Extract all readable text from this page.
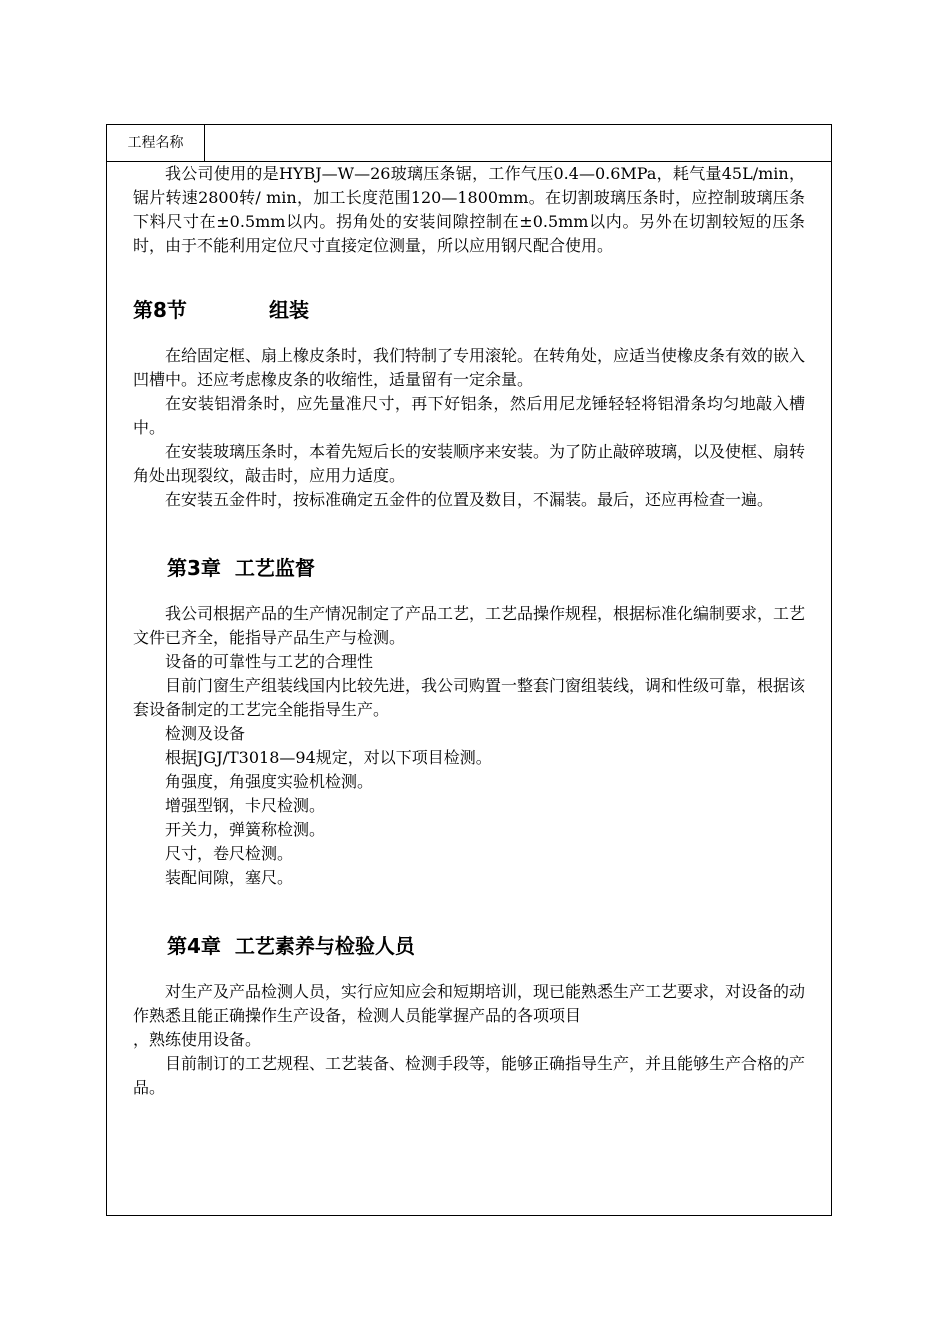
工程名称

我公司使用的是HYBJ—W—26玻璃压条锯，工作气压0.4—0.6MPa，耗气量45L/min，锯片转速2800转/ min，加工长度范围120—1800mm。在切割玻璃压条时，应控制玻璃压条下料尺寸在±0.5mm以内。拐角处的安装间隙控制在±0.5mm以内。另外在切割较短的压条时，由于不能利用定位尺寸直接定位测量，所以应用钢尺配合使用。

第8节	组装

在给固定框、扇上橡皮条时，我们特制了专用滚轮。在转角处，应适当使橡皮条有效的嵌入凹槽中。还应考虑橡皮条的收缩性，适量留有一定余量。

在安装铝滑条时，应先量准尺寸，再下好铝条，然后用尼龙锤轻轻将铝滑条均匀地敲入槽中。

在安装玻璃压条时，本着先短后长的安装顺序来安装。为了防止敲碎玻璃，以及使框、扇转角处出现裂纹，敲击时，应用力适度。

在安装五金件时，按标准确定五金件的位置及数目，不漏装。最后，还应再检查一遍。

第3章 工艺监督

我公司根据产品的生产情况制定了产品工艺，工艺品操作规程，根据标准化编制要求，工艺文件已齐全，能指导产品生产与检测。

设备的可靠性与工艺的合理性

目前门窗生产组装线国内比较先进，我公司购置一整套门窗组装线，调和性级可靠，根据该套设备制定的工艺完全能指导生产。

检测及设备

根据JGJ/T3018—94规定，对以下项目检测。

角强度，角强度实验机检测。

增强型钢，卡尺检测。

开关力，弹簧称检测。

尺寸，卷尺检测。

装配间隙，塞尺。

第4章 工艺素养与检验人员

对生产及产品检测人员，实行应知应会和短期培训，现已能熟悉生产工艺要求，对设备的动作熟悉且能正确操作生产设备，检测人员能掌握产品的各项项目

，熟练使用设备。

目前制订的工艺规程、工艺装备、检测手段等，能够正确指导生产，并且能够生产合格的产品。
